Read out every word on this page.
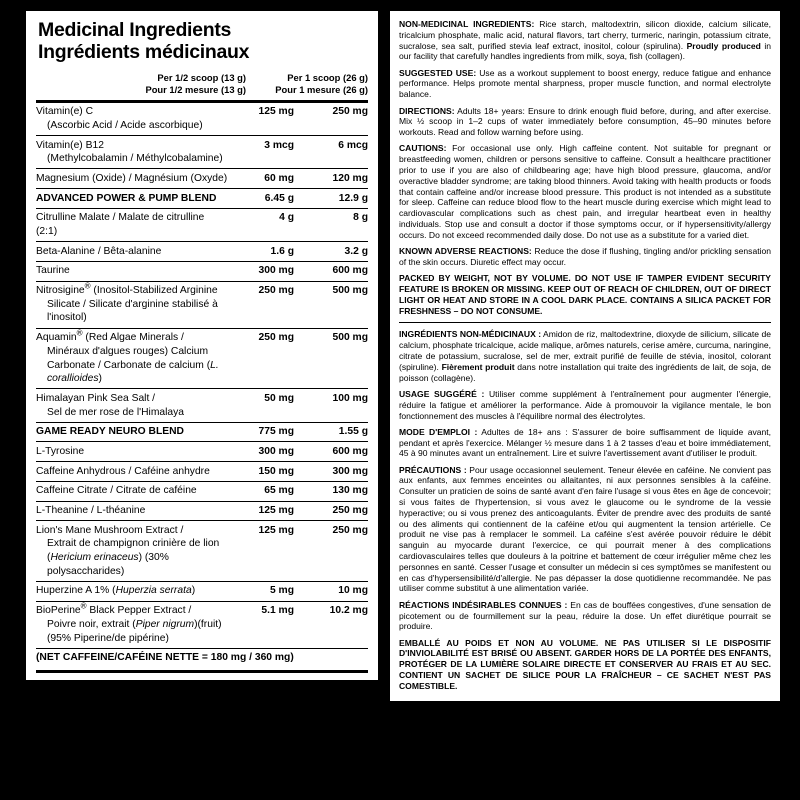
Medicinal Ingredients
Ingrédients médicinaux
Per 1/2 scoop (13 g)
Pour 1/2 mesure (13 g)
Per 1 scoop (26 g)
Pour 1 mesure (26 g)
Vitamin(e) C
(Ascorbic Acid / Acide ascorbique)
125 mg	250 mg
Vitamin(e) B12
(Methylcobalamin / Méthylcobalamine)
3 mcg	6 mcg
Magnesium (Oxide) / Magnésium (Oxyde)	60 mg	120 mg
ADVANCED POWER & PUMP BLEND	6.45 g	12.9 g
Citrulline Malate / Malate de citrulline (2:1)
4 g	8 g
Beta-Alanine / Bêta-alanine	1.6 g	3.2 g
Taurine	300 mg	600 mg
Nitrosigine® (Inositol-Stabilized Arginine
Silicate / Silicate d'arginine stabilisé à l'inositol)
250 mg	500 mg
Aquamin® (Red Algae Minerals /
Minéraux d'algues rouges) Calcium Carbonate / Carbonate de calcium (L. corallioides)
250 mg	500 mg
Himalayan Pink Sea Salt /
Sel de mer rose de l'Himalaya
50 mg	100 mg
GAME READY NEURO BLEND	775 mg	1.55 g
L-Tyrosine	300 mg	600 mg
Caffeine Anhydrous / Caféine anhydre	150 mg	300 mg
Caffeine Citrate / Citrate de caféine	65 mg	130 mg
L-Theanine / L-théanine	125 mg	250 mg
Lion's Mane Mushroom Extract /
Extrait de champignon crinière de lion (Hericium erinaceus) (30% polysaccharides)
125 mg	250 mg
Huperzine A 1% (Huperzia serrata)	5 mg	10 mg
BioPerine® Black Pepper Extract /
Poivre noir, extrait (Piper nigrum)(fruit) (95% Piperine/de pipérine)
5.1 mg	10.2 mg
(NET CAFFEINE/CAFÉINE NETTE = 180 mg / 360 mg)
NON-MEDICINAL INGREDIENTS: Rice starch, maltodextrin, silicon dioxide, calcium silicate, tricalcium phosphate, malic acid, natural flavors, tart cherry, turmeric, naringin, potassium citrate, sucralose, sea salt, purified stevia leaf extract, inositol, colour (spirulina). Proudly produced in our facility that carefully handles ingredients from milk, soya, fish (collagen).
SUGGESTED USE: Use as a workout supplement to boost energy, reduce fatigue and enhance performance. Helps promote mental sharpness, proper muscle function, and normal electrolyte balance.
DIRECTIONS: Adults 18+ years: Ensure to drink enough fluid before, during, and after exercise. Mix ½ scoop in 1–2 cups of water immediately before consumption, 45–90 minutes before workouts. Read and follow warning before using.
CAUTIONS: For occasional use only. High caffeine content. Not suitable for pregnant or breastfeeding women, children or persons sensitive to caffeine. Consult a healthcare practitioner prior to use if you are also of childbearing age; have high blood pressure, glaucoma, and/or overactive bladder syndrome; are taking blood thinners. Avoid taking with health products or foods that contain caffeine and/or increase blood pressure. This product is not intended as a substitute for sleep. Caffeine can reduce blood flow to the heart muscle during exercise which might lead to cardiovascular complications such as chest pain, and irregular heartbeat even in healthy individuals. Stop use and consult a doctor if those symptoms occur, or if hypersensitivity/allergy occurs. Do not exceed recommended daily dose. Do not use as a substitute for a varied diet.
KNOWN ADVERSE REACTIONS: Reduce the dose if flushing, tingling and/or prickling sensation of the skin occurs. Diuretic effect may occur.
PACKED BY WEIGHT, NOT BY VOLUME. DO NOT USE IF TAMPER EVIDENT SECURITY FEATURE IS BROKEN OR MISSING. KEEP OUT OF REACH OF CHILDREN, OUT OF DIRECT LIGHT OR HEAT AND STORE IN A COOL DARK PLACE. CONTAINS A SILICA PACKET FOR FRESHNESS – DO NOT CONSUME.
INGRÉDIENTS NON-MÉDICINAUX : Amidon de riz, maltodextrine, dioxyde de silicium, silicate de calcium, phosphate tricalcique, acide malique, arômes naturels, cerise amère, curcuma, naringine, citrate de potassium, sucralose, sel de mer, extrait purifié de feuille de stévia, inositol, colorant (spiruline). Fièrement produit dans notre installation qui traite des ingrédients de lait, de soja, de poisson (collagène).
USAGE SUGGÉRÉ : Utiliser comme supplément à l'entraînement pour augmenter l'énergie, réduire la fatigue et améliorer la performance. Aide à promouvoir la vigilance mentale, le bon fonctionnement des muscles à l'équilibre normal des électrolytes.
MODE D'EMPLOI : Adultes de 18+ ans : S'assurer de boire suffisamment de liquide avant, pendant et après l'exercice. Mélanger ½ mesure dans 1 à 2 tasses d'eau et boire immédiatement, 45 à 90 minutes avant un entraînement. Lire et suivre l'avertissement avant d'utiliser le produit.
PRÉCAUTIONS : Pour usage occasionnel seulement. Teneur élevée en caféine. Ne convient pas aux enfants, aux femmes enceintes ou allaitantes, ni aux personnes sensibles à la caféine. Consulter un praticien de soins de santé avant d'en faire l'usage si vous êtes en âge de concevoir; si vous faites de l'hypertension, si vous avez le glaucome ou le syndrome de la vessie hyperactive; ou si vous prenez des anticoagulants. Éviter de prendre avec des produits de santé ou des aliments qui contiennent de la caféine et/ou qui augmentent la tension artérielle. Ce produit ne vise pas à remplacer le sommeil. La caféine s'est avérée pouvoir réduire le débit sanguin au myocarde durant l'exercice, ce qui pourrait mener à des complications cardiovasculaires telles que douleurs à la poitrine et battement de cœur irrégulier même chez les personnes en santé. Cesser l'usage et consulter un médecin si ces symptômes se manifestent ou en cas d'hypersensibilité/d'allergie. Ne pas dépasser la dose quotidienne recommandée. Ne pas utiliser comme substitut à une alimentation variée.
RÉACTIONS INDÉSIRABLES CONNUES : En cas de bouffées congestives, d'une sensation de picotement ou de fourmillement sur la peau, réduire la dose. Un effet diurétique pourrait se produire.
EMBALLÉ AU POIDS ET NON AU VOLUME. NE PAS UTILISER SI LE DISPOSITIF D'INVIOLABILITÉ EST BRISÉ OU ABSENT. GARDER HORS DE LA PORTÉE DES ENFANTS, PROTÉGER DE LA LUMIÈRE SOLAIRE DIRECTE ET CONSERVER AU FRAIS ET AU SEC. CONTIENT UN SACHET DE SILICE POUR LA FRAÎCHEUR – CE SACHET N'EST PAS COMESTIBLE.
